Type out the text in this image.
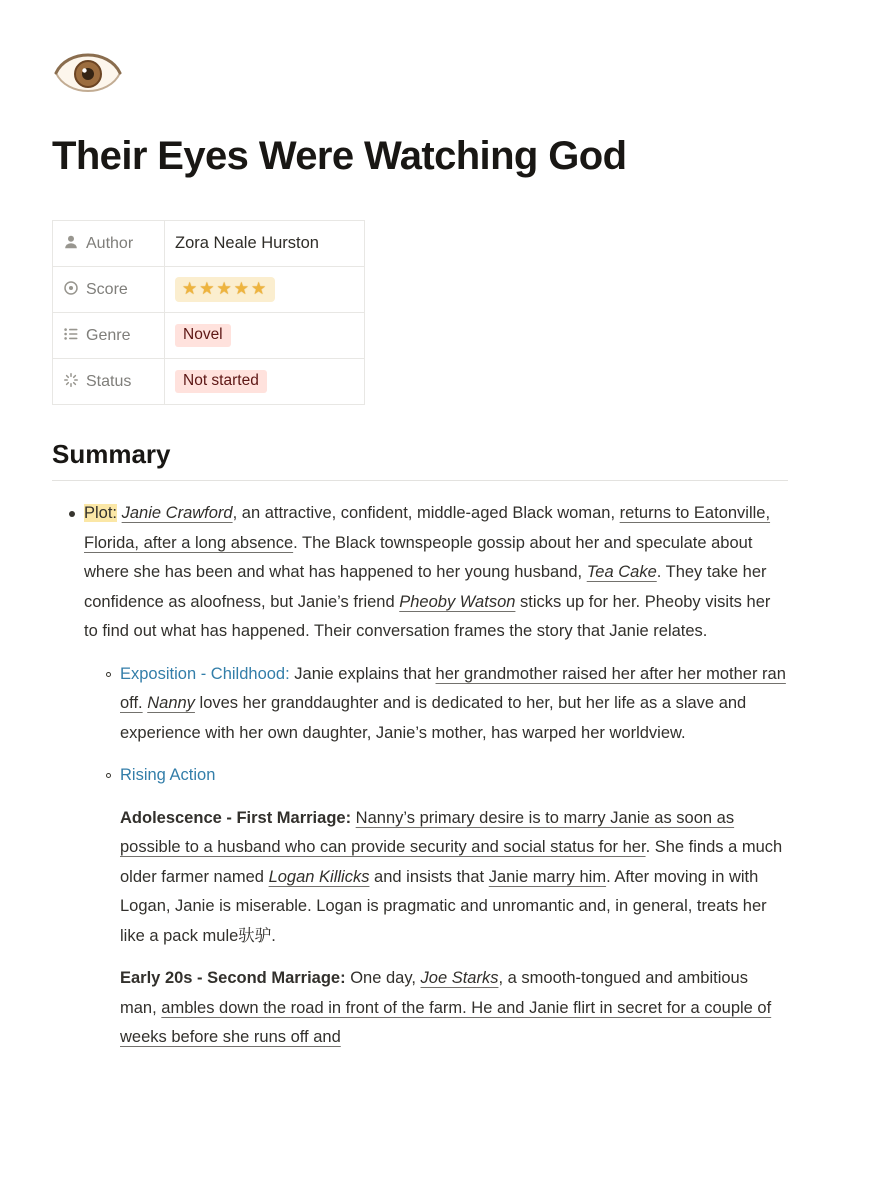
Their Eyes Were Watching God
Author	Zora Neale Hurston
Score	★★★★★
Genre	Novel
Status	Not started
Summary
Plot: Janie Crawford, an attractive, confident, middle-aged Black woman, returns to Eatonville, Florida, after a long absence. The Black townspeople gossip about her and speculate about where she has been and what has happened to her young husband, Tea Cake. They take her confidence as aloofness, but Janie’s friend Pheoby Watson sticks up for her. Pheoby visits her to find out what has happened. Their conversation frames the story that Janie relates.
Exposition - Childhood: Janie explains that her grandmother raised her after her mother ran off. Nanny loves her granddaughter and is dedicated to her, but her life as a slave and experience with her own daughter, Janie’s mother, has warped her worldview.
Rising Action
Adolescence - First Marriage: Nanny’s primary desire is to marry Janie as soon as possible to a husband who can provide security and social status for her. She finds a much older farmer named Logan Killicks and insists that Janie marry him. After moving in with Logan, Janie is miserable. Logan is pragmatic and unromantic and, in general, treats her like a pack mule驮驴.
Early 20s - Second Marriage: One day, Joe Starks, a smooth-tongued and ambitious man, ambles down the road in front of the farm. He and Janie flirt in secret for a couple of weeks before she runs off and
